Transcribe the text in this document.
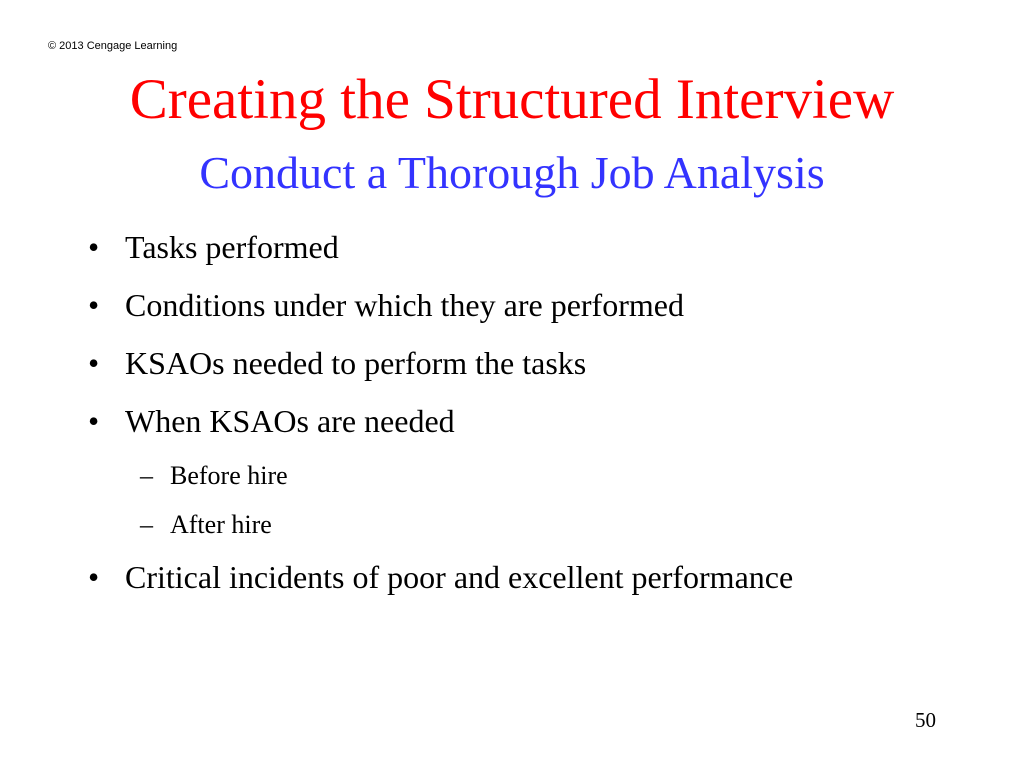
© 2013 Cengage Learning

Creating the Structured Interview
Conduct a Thorough Job Analysis
• Tasks performed
• Conditions under which they are performed
• KSAOs needed to perform the tasks
• When KSAOs are needed
– Before hire
– After hire
• Critical incidents of poor and excellent performance

50
